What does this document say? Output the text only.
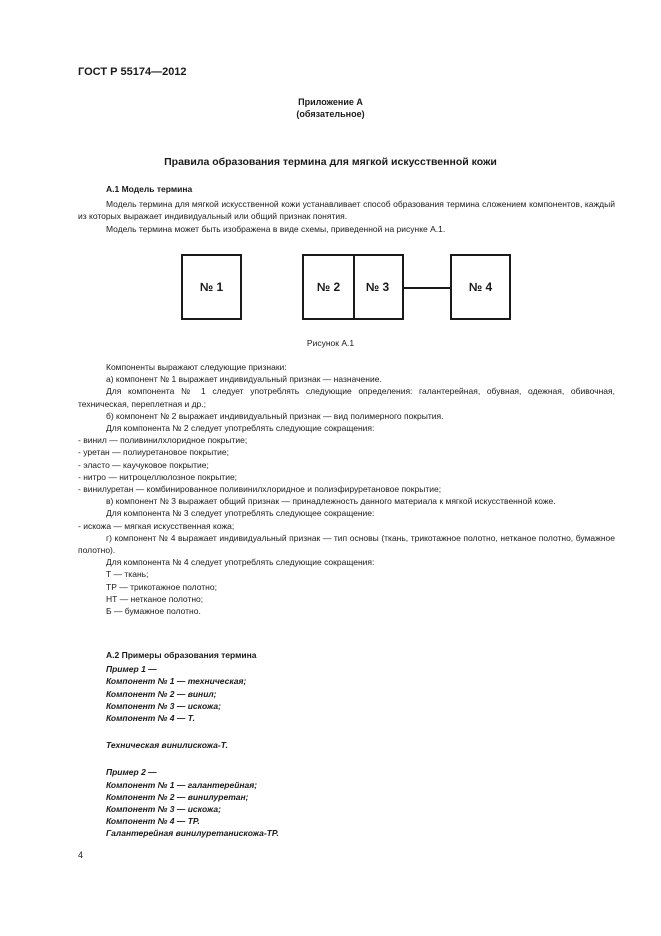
ГОСТ Р 55174—2012
Приложение А
(обязательное)
Правила образования термина для мягкой искусственной кожи

А.1 Модель термина

Модель термина для мягкой искусственной кожи устанавливает способ образования термина сложением компонентов, каждый из которых выражает индивидуальный или общий признак понятия.

Модель термина может быть изображена в виде схемы, приведенной на рисунке А.1.

№ 1	№ 2 № 3	№ 4
Рисунок А.1

Компоненты выражают следующие признаки:

а) компонент № 1 выражает индивидуальный признак — назначение.

Для компонента № 1 следует употреблять следующие определения: галантерейная, обувная, одежная, обивочная, техническая, переплетная и др.;

б) компонент № 2 выражает индивидуальный признак — вид полимерного покрытия.

Для компонента № 2 следует употреблять следующие сокращения:

- винил — поливинилхлоридное покрытие;

- уретан — полиуретановое покрытие;

- эласто — каучуковое покрытие;

- нитро — нитроцеллюлозное покрытие;

- винилуретан — комбинированное поливинилхлоридное и полиэфируретановое покрытие;

в) компонент № 3 выражает общий признак — принадлежность данного материала к мягкой искусственной коже.

Для компонента № 3 следует употреблять следующее сокращение:

- искожа — мягкая искусственная кожа;

г) компонент № 4 выражает индивидуальный признак — тип основы (ткань, трикотажное полотно, нетканое полотно, бумажное полотно).

Для компонента № 4 следует употреблять следующие сокращения:

Т — ткань;

ТР — трикотажное полотно;

НТ — нетканое полотно;

Б — бумажное полотно.

А.2 Примеры образования термина

Пример 1 —

Компонент № 1 — техническая;

Компонент № 2 — винил;

Компонент № 3 — искожа;

Компонент № 4 — Т.

Техническая винилискожа-Т.

Пример 2 —

Компонент № 1 — галантерейная;

Компонент № 2 — винилуретан;

Компонент № 3 — искожа;

Компонент № 4 — ТР.

Галантерейная винилуретанискожа-ТР.

4
